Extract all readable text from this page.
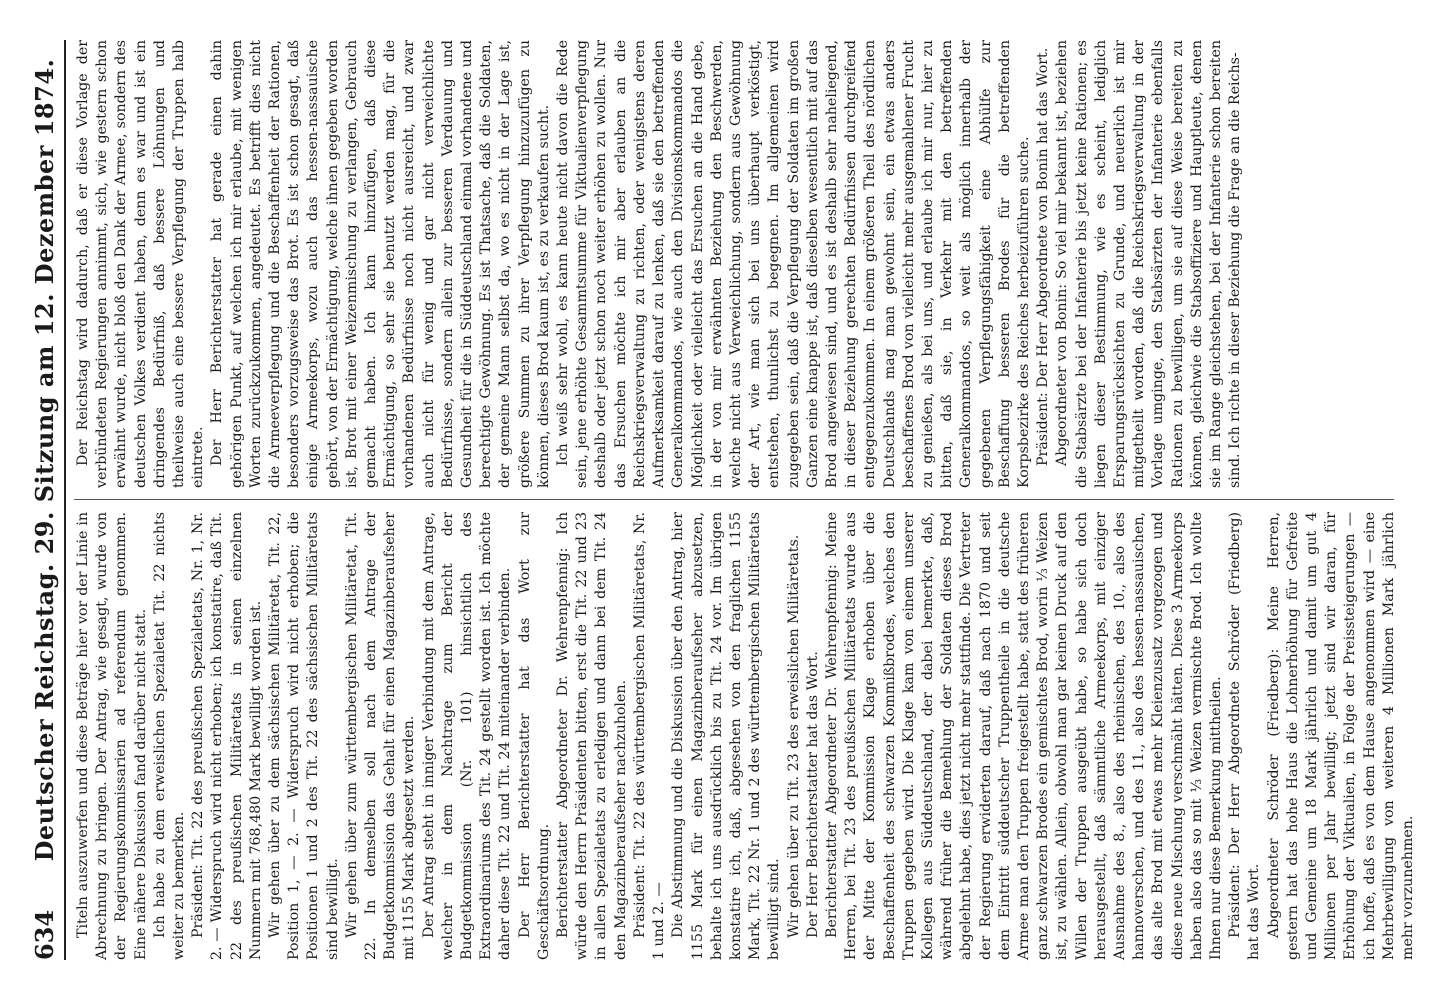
634
Deutscher Reichstag. 29. Sitzung am 12. Dezember 1874. Titeln auszuwerfen und diese Beträge hier vor der Linie in Abrechnung zu bringen. Der Antrag, wie gesagt, wurde von der Regierungskommissarien ad referendum genommen. Eine nähere Diskussion fand darüber nicht statt. Ich habe zu dem erweislichen Spezialetat Tit. 22 nichts weiter zu bemerken. Präsident: Tit. 22 des preußischen Spezialetats, Nr. 1, Nr. 2. — Widerspruch wird nicht erhoben; ich konstatire, daß Tit. 22 des preußischen Militäretats in seinen einzelnen Nummern mit 768,480 Mark bewilligt worden ist. Wir gehen über zu dem sächsischen Militäretat, Tit. 22, Position 1, — 2. — Widerspruch wird nicht erhoben; die Positionen 1 und 2 des Tit. 22 des sächsischen Militäretats sind bewilligt. Wir gehen über zum württembergischen Militäretat, Tit. 22. In demselben soll nach dem Antrage der Budgetkommission das Gehalt für einen Magazinberaufseher mit 1155 Mark abgesetzt werden. Der Antrag steht in inniger Verbindung mit dem Antrage, welcher in dem Nachtrage zum Bericht der Budgetkommission (Nr. 101) hinsichtlich des Extraordinariums des Tit. 24 gestellt worden ist. Ich möchte daher diese Tit. 22 und Tit. 24 miteinander verbinden. Der Herr Berichterstatter hat das Wort zur Geschäftsordnung. Berichterstatter Abgeordneter Dr. Wehrenpfennig: Ich würde den Herrn Präsidenten bitten, erst die Tit. 22 und 23 in allen Spezialetats zu erledigen und dann bei dem Tit. 24 den Magazinberaufseher nachzuholen. Präsident: Tit. 22 des württembergischen Militäretats, Nr. 1 und 2. — Die Abstimmung und die Diskussion über den Antrag, hier 1155 Mark für einen Magazinberaufseher abzusetzen, behalte ich uns ausdrücklich bis zu Tit. 24 vor. Im übrigen konstatire ich, daß, abgesehen von den fraglichen 1155 Mark, Tit. 22 Nr. 1 und 2 des württembergischen Militäretats bewilligt sind. Wir gehen über zu Tit. 23 des erweislichen Militäretats. Der Herr Berichterstatter hat das Wort. Berichterstatter Abgeordneter Dr. Wehrenpfennig: Meine Herren, bei Tit. 23 des preußischen Militäretats wurde aus der Mitte der Kommission Klage erhoben über die Beschaffenheit des schwarzen Kommißbrodes, welches den Truppen gegeben wird. Die Klage kam von einem unserer Kollegen aus Süddeutschland, der dabei bemerkte, daß, während früher die Bemehlung der Soldaten dieses Brod abgelehnt habe, dies jetzt nicht mehr stattfinde. Die Vertreter der Regierung erwiderten darauf, daß nach 1870 und seit dem Eintritt süddeutscher Truppentheile in die deutsche Armee man den Truppen freigestellt habe, statt des früheren ganz schwarzen Brodes ein gemischtes Brod, worin ⅓ Weizen ist, zu wählen. Allein, obwohl man gar keinen Druck auf den Willen der Truppen ausgeübt habe, so habe sich doch herausgestellt, daß sämmtliche Armeekorps, mit einziger Ausnahme des 8., also des rheinischen, des 10., also des hannoverschen, und des 11., also des hessen-nassauischen, das alte Brod mit etwas mehr Kleienzusatz vorgezogen und diese neue Mischung verschmäht hätten. Diese 3 Armeekorps haben also das so mit ⅓ Weizen vermischte Brod. Ich wollte Ihnen nur diese Bemerkung mittheilen. Präsident: Der Herr Abgeordnete Schröder (Friedberg) hat das Wort. Abgeordneter Schröder (Friedberg): Meine Herren, gestern hat das hohe Haus die Lohnerhöhung für Gefreite und Gemeine um 18 Mark jährlich und damit um gut 4 Millionen per Jahr bewilligt; jetzt sind wir daran, für Erhöhung der Viktualien, in Folge der Preissteigerungen — ich hoffe, daß es von dem Hause angenommen wird — eine Mehrbewilligung von weiteren 4 Millionen Mark jährlich mehr vorzunehmen.

Der Reichstag wird dadurch, daß er diese Vorlage der verbündeten Regierungen annimmt, sich, wie gestern schon erwähnt wurde, nicht bloß den Dank der Armee, sondern des deutschen Volkes verdient haben, denn es war und ist ein dringendes Bedürfniß, daß bessere Löhnungen und theilweise auch eine bessere Verpflegung der Truppen halb eintrete. Der Herr Berichterstatter hat gerade einen dahin gehörigen Punkt, auf welchen ich mir erlaube, mit wenigen Worten zurückzukommen, angedeutet. Es betrifft dies nicht die Armeeverpflegung und die Beschaffenheit der Rationen, besonders vorzugsweise das Brot. Es ist schon gesagt, daß einige Armeekorps, wozu auch das hessen-nassauische gehört, von der Ermächtigung, welche ihnen gegeben worden ist, Brot mit einer Weizenmischung zu verlangen, Gebrauch gemacht haben. Ich kann hinzufügen, daß diese Ermächtigung, so sehr sie benutzt werden mag, für die vorhandenen Bedürfnisse noch nicht ausreicht, und zwar auch nicht für wenig und gar nicht verweichlichte Bedürfnisse, sondern allein zur besseren Verdauung und Gesundheit für die in Süddeutschland einmal vorhandene und berechtigte Gewöhnung. Es ist Thatsache, daß die Soldaten, der gemeine Mann selbst da, wo es nicht in der Lage ist, größere Summen zu ihrer Verpflegung hinzuzufügen zu können, dieses Brod kaum ist, es zu verkaufen sucht. Ich weiß sehr wohl, es kann heute nicht davon die Rede sein, jene erhöhte Gesammtsumme für Viktualienverpflegung deshalb oder jetzt schon noch weiter erhöhen zu wollen. Nur das Ersuchen möchte ich mir aber erlauben an die Reichskriegsverwaltung zu richten, oder wenigstens deren Aufmerksamkeit darauf zu lenken, daß sie den betreffenden Generalkommandos, wie auch den Divisionskommandos die Möglichkeit oder vielleicht das Ersuchen an die Hand gebe, in der von mir erwähnten Beziehung den Beschwerden, welche nicht aus Verweichlichung, sondern aus Gewöhnung der Art, wie man sich bei uns überhaupt verköstigt, entstehen, thunlichst zu begegnen. Im allgemeinen wird zugegeben sein, daß die Verpflegung der Soldaten im großen Ganzen eine knappe ist, daß dieselben wesentlich mit auf das Brod angewiesen sind, und es ist deshalb sehr naheliegend, in dieser Beziehung gerechten Bedürfnissen durchgreifend entgegenzukommen. In einem größeren Theil des nördlichen Deutschlands mag man gewohnt sein, ein etwas anders beschaffenes Brod von vielleicht mehr ausgemahlener Frucht zu genießen, als bei uns, und erlaube ich mir nur, hier zu bitten, daß sie, in Verkehr mit den betreffenden Generalkommandos, so weit als möglich innerhalb der gegebenen Verpflegungsfähigkeit eine Abhülfe zur Beschaffung besseren Brodes für die betreffenden Korpsbezirke des Reiches herbeizuführen suche. Präsident: Der Herr Abgeordnete von Bonin hat das Wort. Abgeordneter von Bonin: So viel mir bekannt ist, beziehen die Stabsärzte bei der Infanterie bis jetzt keine Rationen; es liegen dieser Bestimmung, wie es scheint, lediglich Ersparungsrücksichten zu Grunde, und neuerlich ist mir mitgetheilt worden, daß die Reichskriegsverwaltung in der Vorlage umginge, den Stabsärzten der Infanterie ebenfalls Rationen zu bewilligen, um sie auf diese Weise bereiten zu können, gleichwie die Stabsoffiziere und Hauptleute, denen sie im Range gleichstehen, bei der Infanterie schon bereiten sind. Ich richte in dieser Beziehung die Frage an die Reichs-
